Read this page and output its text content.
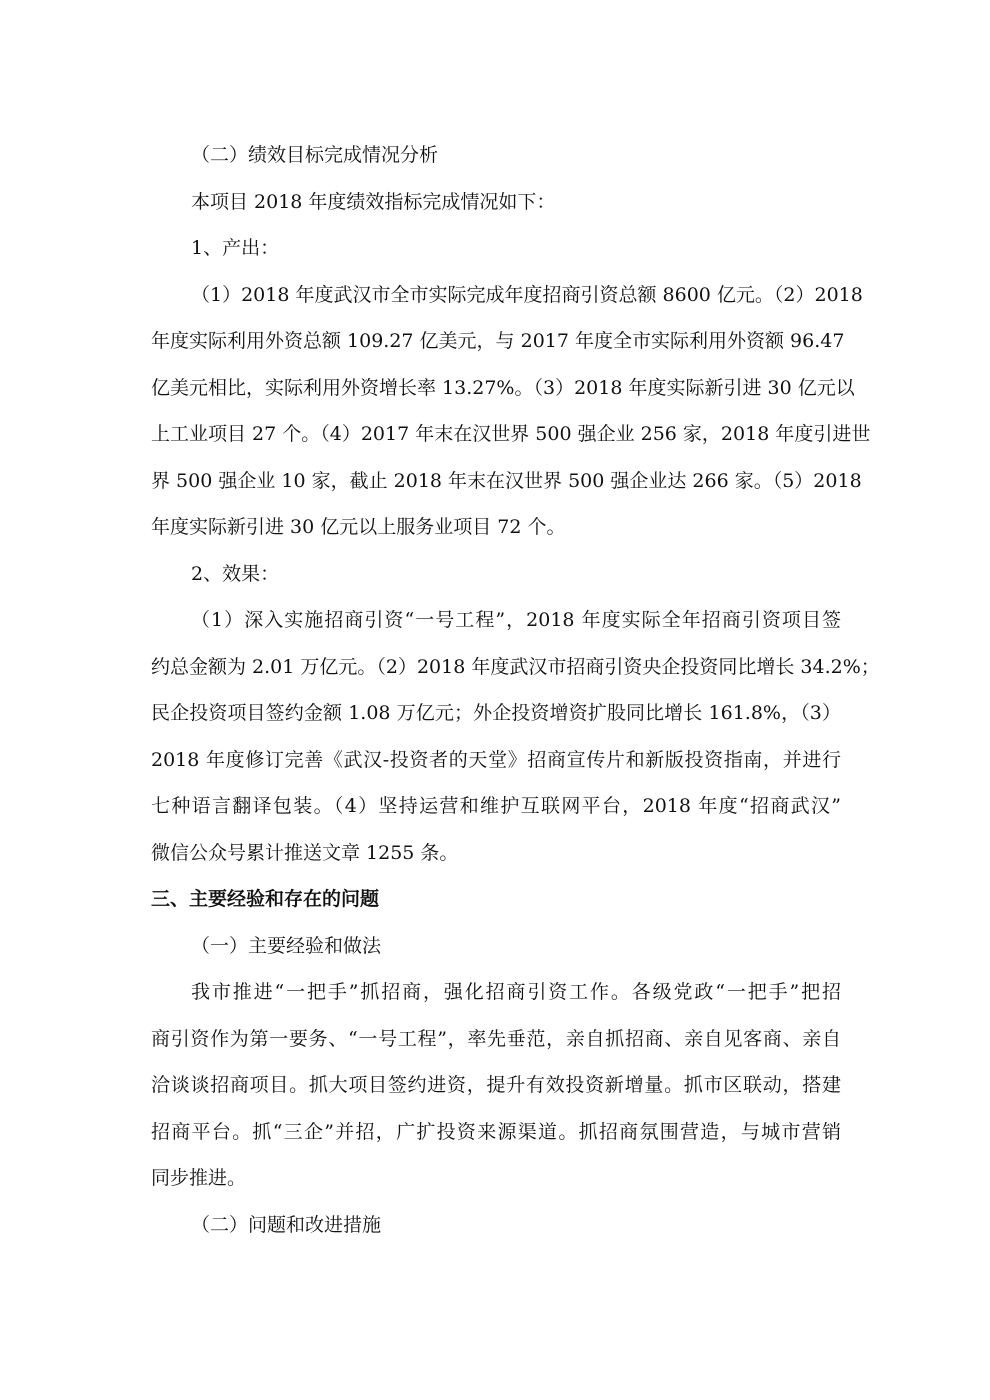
（二）绩效目标完成情况分析
本项目 2018 年度绩效指标完成情况如下：
1、产出：
（1）2018 年度武汉市全市实际完成年度招商引资总额 8600 亿元。（2）2018
年度实际利用外资总额 109.27 亿美元，与 2017 年度全市实际利用外资额 96.47
亿美元相比，实际利用外资增长率 13.27%。（3）2018 年度实际新引进 30 亿元以
上工业项目 27 个。（4）2017 年末在汉世界 500 强企业 256 家，2018 年度引进世
界 500 强企业 10 家，截止 2018 年末在汉世界 500 强企业达 266 家。（5）2018
年度实际新引进 30 亿元以上服务业项目 72 个。
2、效果：
（1）深入实施招商引资“一号工程”，2018 年度实际全年招商引资项目签
约总金额为 2.01 万亿元。（2）2018 年度武汉市招商引资央企投资同比增长 34.2%；
民企投资项目签约金额 1.08 万亿元；外企投资增资扩股同比增长 161.8%，（3）
2018 年度修订完善《武汉-投资者的天堂》招商宣传片和新版投资指南，并进行
七种语言翻译包装。（4）坚持运营和维护互联网平台，2018 年度“招商武汉”
微信公众号累计推送文章 1255 条。
三、主要经验和存在的问题
（一）主要经验和做法
我市推进“一把手”抓招商，强化招商引资工作。各级党政“一把手”把招
商引资作为第一要务、“一号工程”，率先垂范，亲自抓招商、亲自见客商、亲自
洽谈谈招商项目。抓大项目签约进资，提升有效投资新增量。抓市区联动，搭建
招商平台。抓“三企”并招，广扩投资来源渠道。抓招商氛围营造，与城市营销
同步推进。
（二）问题和改进措施
